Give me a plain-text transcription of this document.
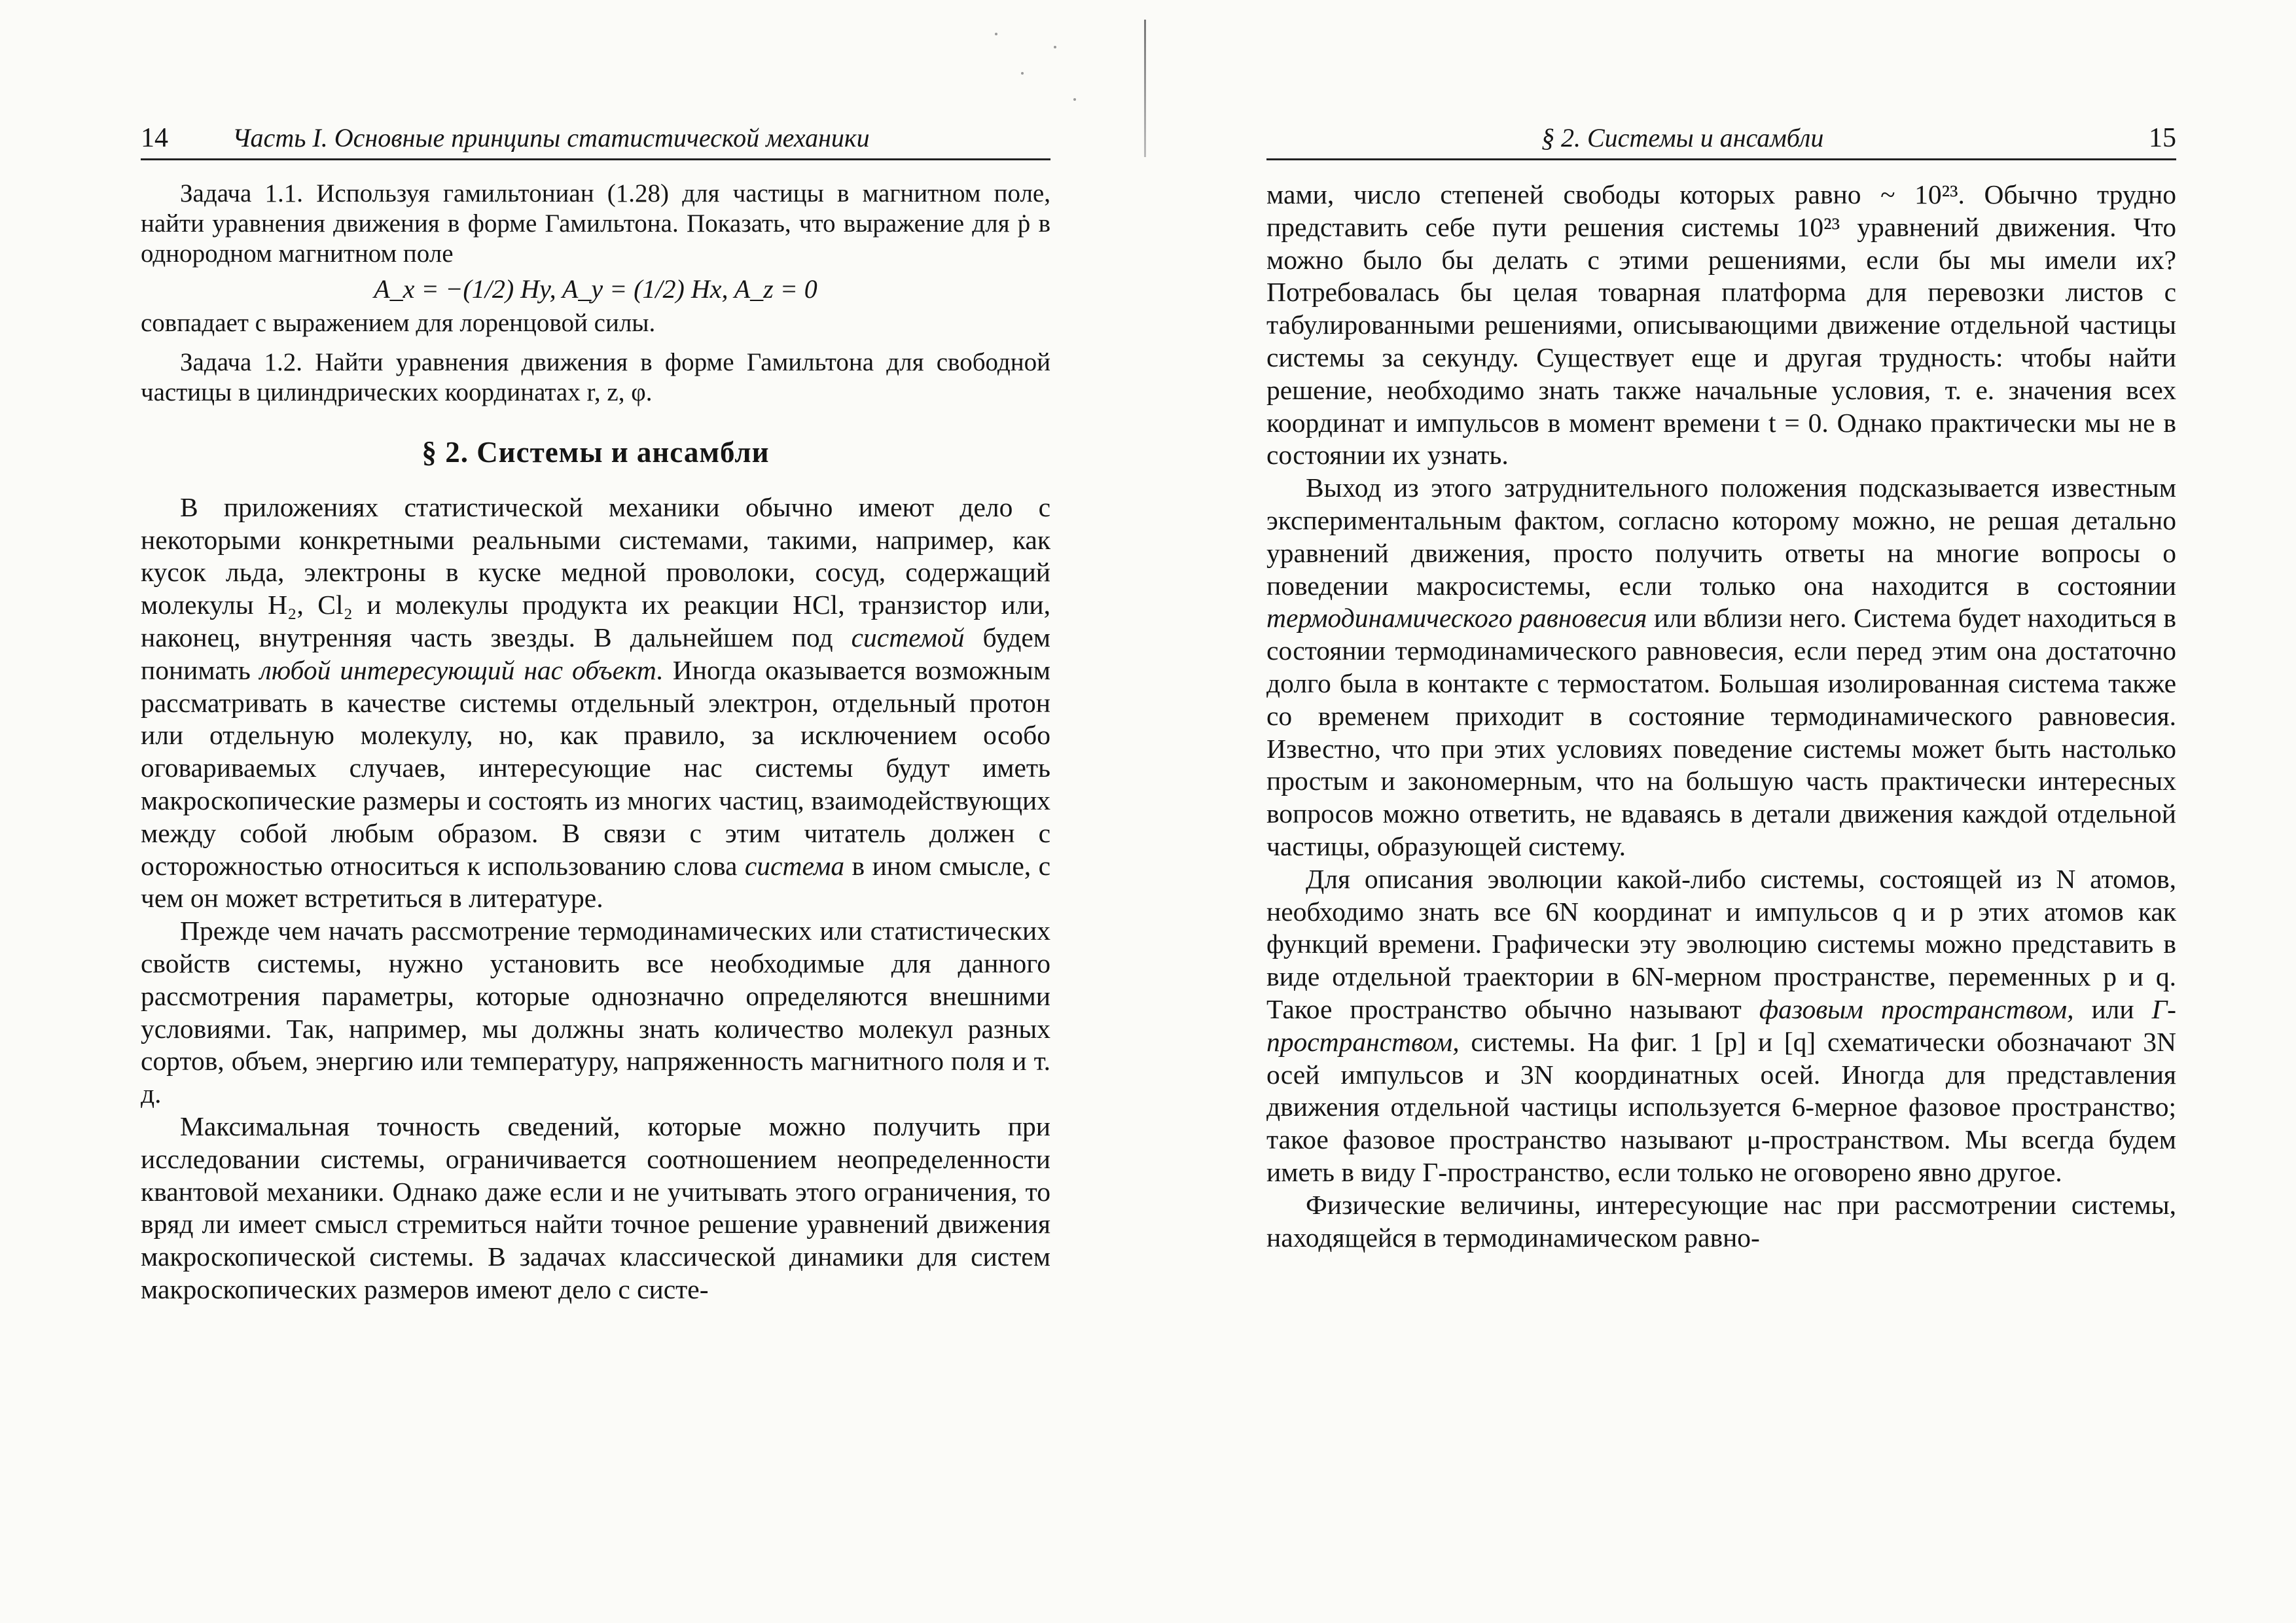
14 Часть I. Основные принципы статистической механики

Задача 1.1. Используя гамильтониан (1.28) для частицы в магнитном поле, найти уравнения движения в форме Гамильтона. Показать, что выражение для ṗ в однородном магнитном поле

A_x = −(1/2) Hy, A_y = (1/2) Hx, A_z = 0

совпадает с выражением для лоренцовой силы.

Задача 1.2. Найти уравнения движения в форме Гамильтона для свободной частицы в цилиндрических координатах r, z, φ.

§ 2. Системы и ансамбли

В приложениях статистической механики обычно имеют дело с некоторыми конкретными реальными системами, такими, например, как кусок льда, электроны в куске медной проволоки, сосуд, содержащий молекулы H₂, Cl₂ и молекулы продукта их реакции HCl, транзистор или, наконец, внутренняя часть звезды. В дальнейшем под системой будем понимать любой интересующий нас объект. Иногда оказывается возможным рассматривать в качестве системы отдельный электрон, отдельный протон или отдельную молекулу, но, как правило, за исключением особо оговариваемых случаев, интересующие нас системы будут иметь макроскопические размеры и состоять из многих частиц, взаимодействующих между собой любым образом. В связи с этим читатель должен с осторожностью относиться к использованию слова система в ином смысле, с чем он может встретиться в литературе.

Прежде чем начать рассмотрение термодинамических или статистических свойств системы, нужно установить все необходимые для данного рассмотрения параметры, которые однозначно определяются внешними условиями. Так, например, мы должны знать количество молекул разных сортов, объем, энергию или температуру, напряженность магнитного поля и т. д.

Максимальная точность сведений, которые можно получить при исследовании системы, ограничивается соотношением неопределенности квантовой механики. Однако даже если и не учитывать этого ограничения, то вряд ли имеет смысл стремиться найти точное решение уравнений движения макроскопической системы. В задачах классической динамики для систем макроскопических размеров имеют дело с систе-

§ 2. Системы и ансамбли	15

мами, число степеней свободы которых равно ~ 10²³. Обычно трудно представить себе пути решения системы 10²³ уравнений движения. Что можно было бы делать с этими решениями, если бы мы имели их? Потребовалась бы целая товарная платформа для перевозки листов с табулированными решениями, описывающими движение отдельной частицы системы за секунду. Существует еще и другая трудность: чтобы найти решение, необходимо знать также начальные условия, т. е. значения всех координат и импульсов в момент времени t = 0. Однако практически мы не в состоянии их узнать.

Выход из этого затруднительного положения подсказывается известным экспериментальным фактом, согласно которому можно, не решая детально уравнений движения, просто получить ответы на многие вопросы о поведении макросистемы, если только она находится в состоянии термодинамического равновесия или вблизи него. Система будет находиться в состоянии термодинамического равновесия, если перед этим она достаточно долго была в контакте с термостатом. Большая изолированная система также со временем приходит в состояние термодинамического равновесия. Известно, что при этих условиях поведение системы может быть настолько простым и закономерным, что на большую часть практически интересных вопросов можно ответить, не вдаваясь в детали движения каждой отдельной частицы, образующей систему.

Для описания эволюции какой-либо системы, состоящей из N атомов, необходимо знать все 6N координат и импульсов q и p этих атомов как функций времени. Графически эту эволюцию системы можно представить в виде отдельной траектории в 6N-мерном пространстве, переменных p и q. Такое пространство обычно называют фазовым пространством, или Г-пространством, системы. На фиг. 1 [p] и [q] схематически обозначают 3N осей импульсов и 3N координатных осей. Иногда для представления движения отдельной частицы используется 6-мерное фазовое пространство; такое фазовое пространство называют μ-пространством. Мы всегда будем иметь в виду Г-пространство, если только не оговорено явно другое.

Физические величины, интересующие нас при рассмотрении системы, находящейся в термодинамическом равно-
